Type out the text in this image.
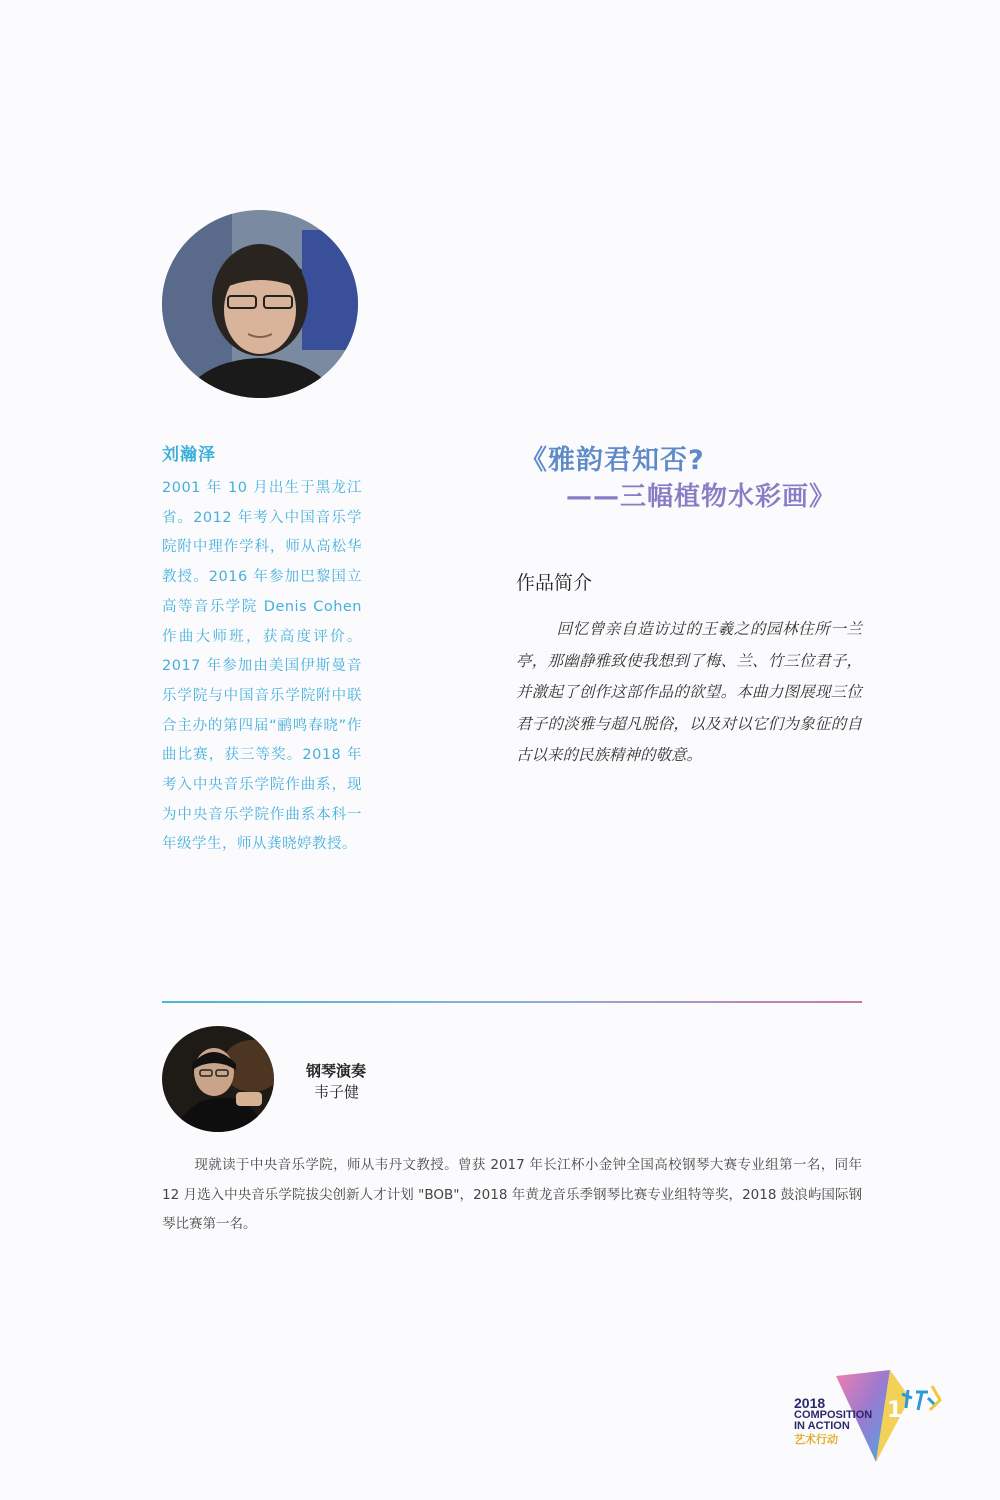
刘瀚泽
2001 年 10 月出生于黑龙江省。2012 年考入中国音乐学院附中理作学科，师从高松华教授。2016 年参加巴黎国立高等音乐学院 Denis Cohen 作曲大师班，获高度评价。2017 年参加由美国伊斯曼音乐学院与中国音乐学院附中联合主办的第四届“鹂鸣春晓”作曲比赛，获三等奖。2018 年考入中央音乐学院作曲系，现为中央音乐学院作曲系本科一年级学生，师从龚晓婷教授。
《雅韵君知否?
——三幅植物水彩画》
作品简介
回忆曾亲自造访过的王羲之的园林住所一兰亭，那幽静雅致使我想到了梅、兰、竹三位君子，并激起了创作这部作品的欲望。本曲力图展现三位君子的淡雅与超凡脱俗，以及对以它们为象征的自古以来的民族精神的敬意。
钢琴演奏
韦子健
现就读于中央音乐学院，师从韦丹文教授。曾获 2017 年长江杯小金钟全国高校钢琴大赛专业组第一名，同年 12 月选入中央音乐学院拔尖创新人才计划 "BOB"，2018 年黄龙音乐季钢琴比赛专业组特等奖，2018 鼓浪屿国际钢琴比赛第一名。
2018
COMPOSITION
IN ACTION
艺术行动
1
